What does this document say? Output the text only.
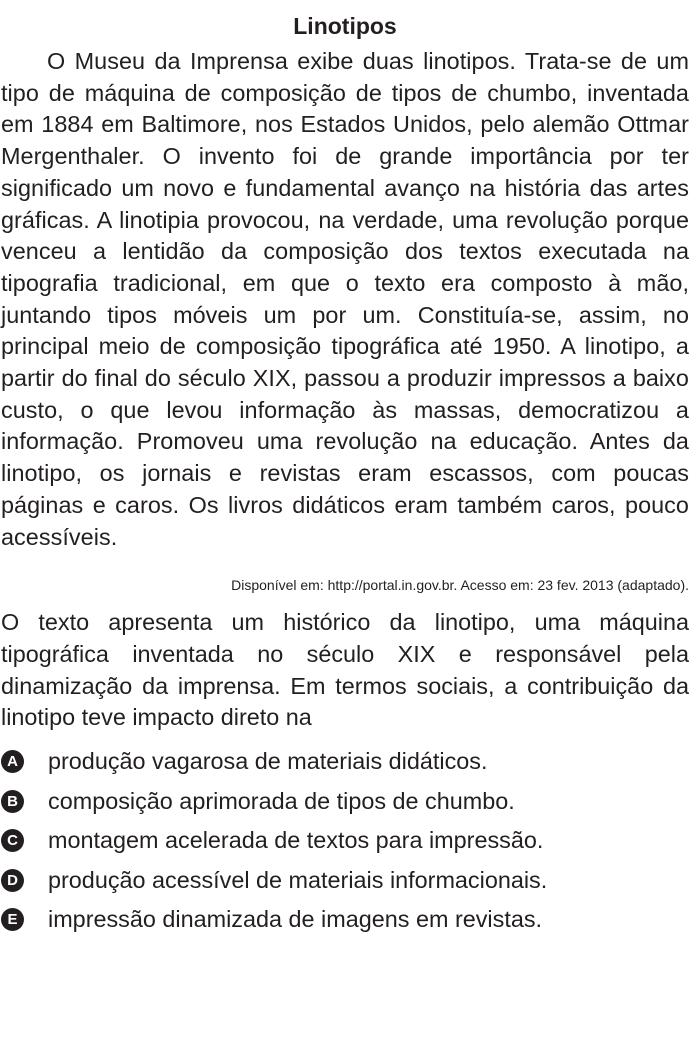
Linotipos

O Museu da Imprensa exibe duas linotipos. Trata-se de um tipo de máquina de composição de tipos de chumbo, inventada em 1884 em Baltimore, nos Estados Unidos, pelo alemão Ottmar Mergenthaler. O invento foi de grande importância por ter significado um novo e fundamental avanço na história das artes gráficas. A linotipia provocou, na verdade, uma revolução porque venceu a lentidão da composição dos textos executada na tipografia tradicional, em que o texto era composto à mão, juntando tipos móveis um por um. Constituía-se, assim, no principal meio de composição tipográfica até 1950. A linotipo, a partir do final do século XIX, passou a produzir impressos a baixo custo, o que levou informação às massas, democratizou a informação. Promoveu uma revolução na educação. Antes da linotipo, os jornais e revistas eram escassos, com poucas páginas e caros. Os livros didáticos eram também caros, pouco acessíveis.

Disponível em: http://portal.in.gov.br. Acesso em: 23 fev. 2013 (adaptado).

O texto apresenta um histórico da linotipo, uma máquina tipográfica inventada no século XIX e responsável pela dinamização da imprensa. Em termos sociais, a contribuição da linotipo teve impacto direto na

A produção vagarosa de materiais didáticos.
B composição aprimorada de tipos de chumbo.
C montagem acelerada de textos para impressão.
D produção acessível de materiais informacionais.
E impressão dinamizada de imagens em revistas.
